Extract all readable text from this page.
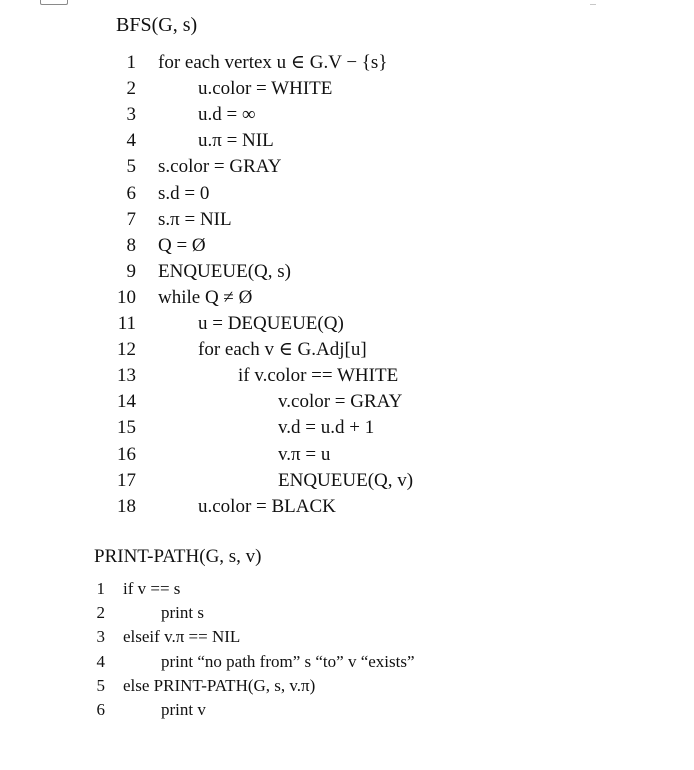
BFS(G, s)
1 for each vertex u ∈ G.V − {s}
2	u.color = WHITE
3	u.d = ∞
4	u.π = NIL
5 s.color = GRAY
6 s.d = 0
7 s.π = NIL
8 Q = Ø
9 ENQUEUE(Q, s)
10 while Q ≠ Ø
11	u = DEQUEUE(Q)
12	for each v ∈ G.Adj[u]
13	if v.color == WHITE
14	v.color = GRAY
15	v.d = u.d + 1
16	v.π = u
17	ENQUEUE(Q, v)
18	u.color = BLACK
PRINT-PATH(G, s, v)
1 if v == s
2	print s
3 elseif v.π == NIL
4	print “no path from” s “to” v “exists”
5 else PRINT-PATH(G, s, v.π)
6	print v
